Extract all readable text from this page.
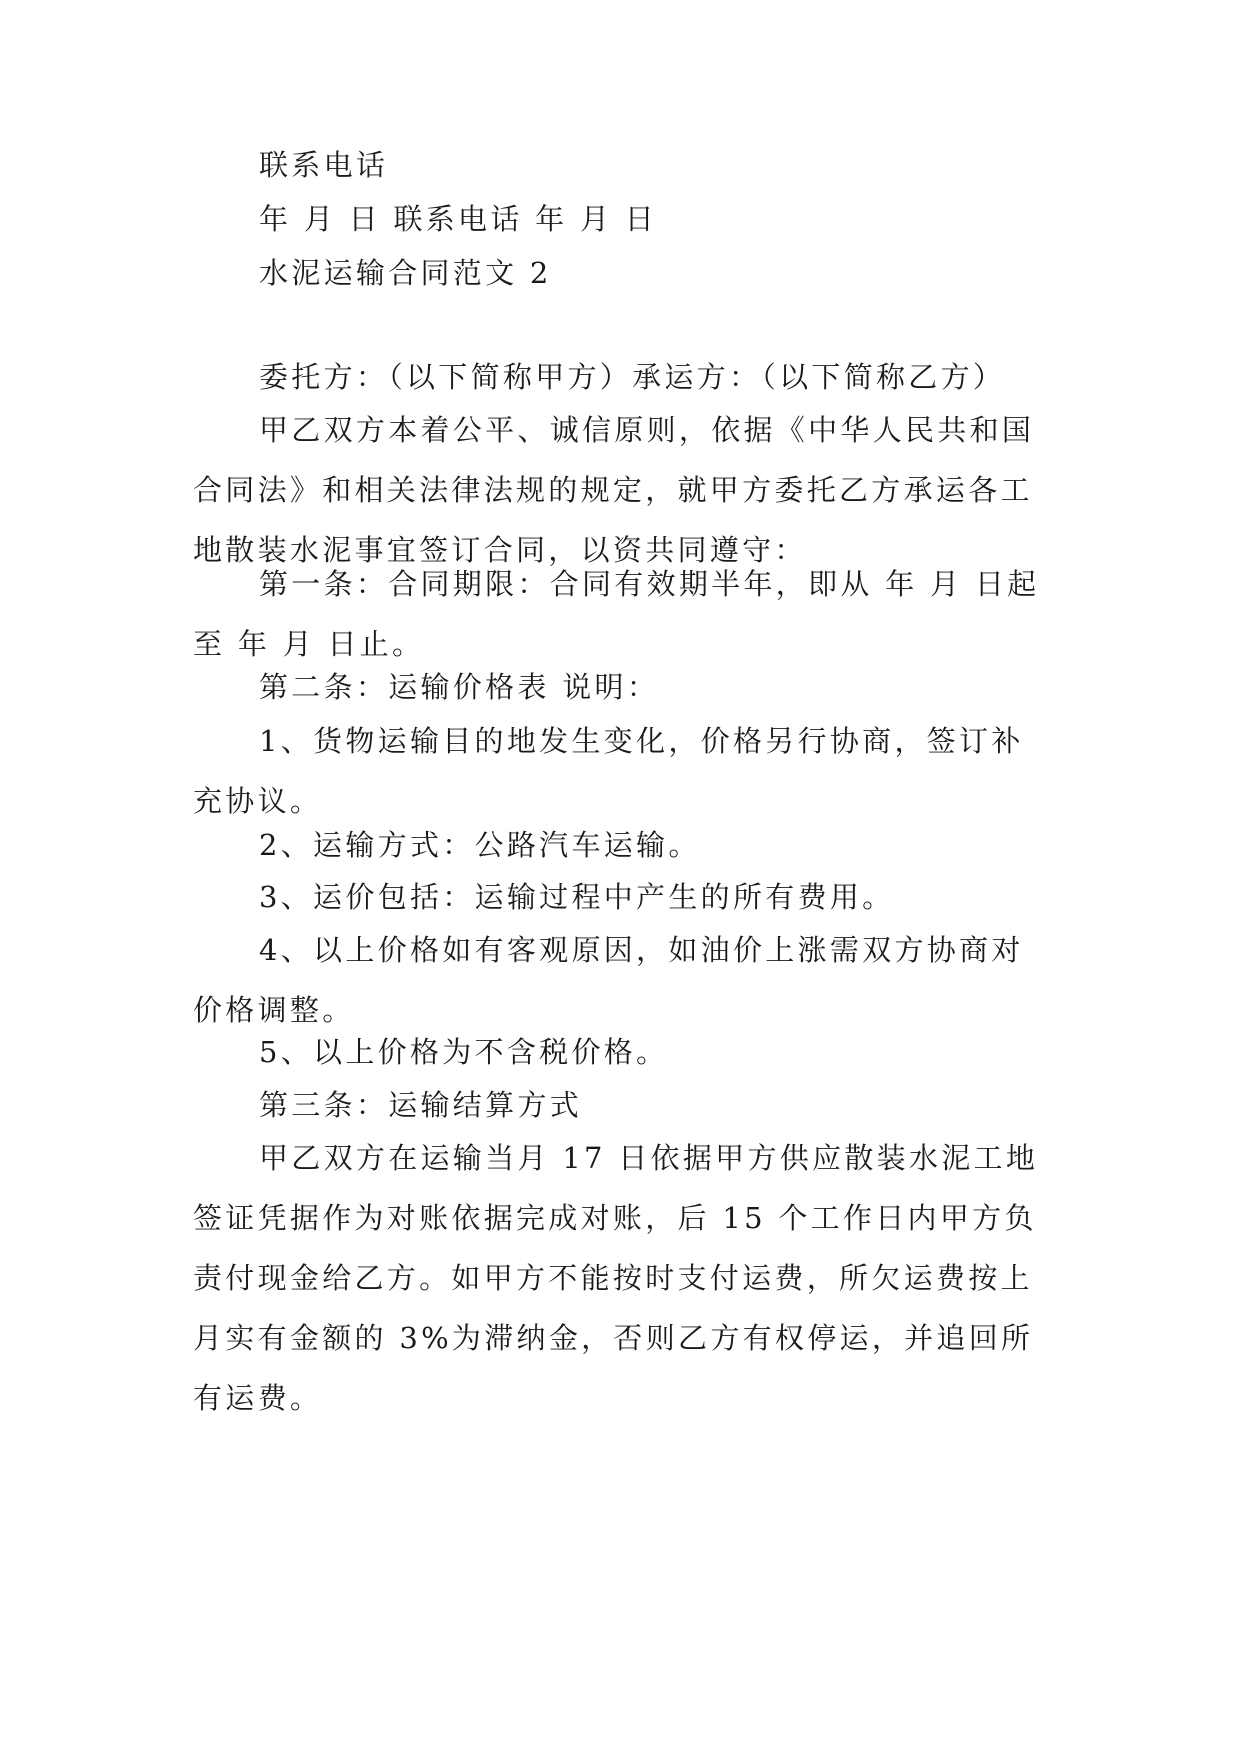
联系电话

年 月 日 联系电话 年 月 日

水泥运输合同范文 2

委托方：（以下简称甲方）承运方：（以下简称乙方）

甲乙双方本着公平、诚信原则，依据《中华人民共和国合同法》和相关法律法规的规定，就甲方委托乙方承运各工地散装水泥事宜签订合同，以资共同遵守：

第一条：合同期限：合同有效期半年，即从 年 月 日起至 年 月 日止。

第二条：运输价格表 说明：

1、货物运输目的地发生变化，价格另行协商，签订补充协议。

2、运输方式：公路汽车运输。

3、运价包括：运输过程中产生的所有费用。

4、以上价格如有客观原因，如油价上涨需双方协商对价格调整。

5、以上价格为不含税价格。

第三条：运输结算方式

甲乙双方在运输当月 17 日依据甲方供应散装水泥工地签证凭据作为对账依据完成对账，后 15 个工作日内甲方负责付现金给乙方。如甲方不能按时支付运费，所欠运费按上月实有金额的 3%为滞纳金，否则乙方有权停运，并追回所有运费。
